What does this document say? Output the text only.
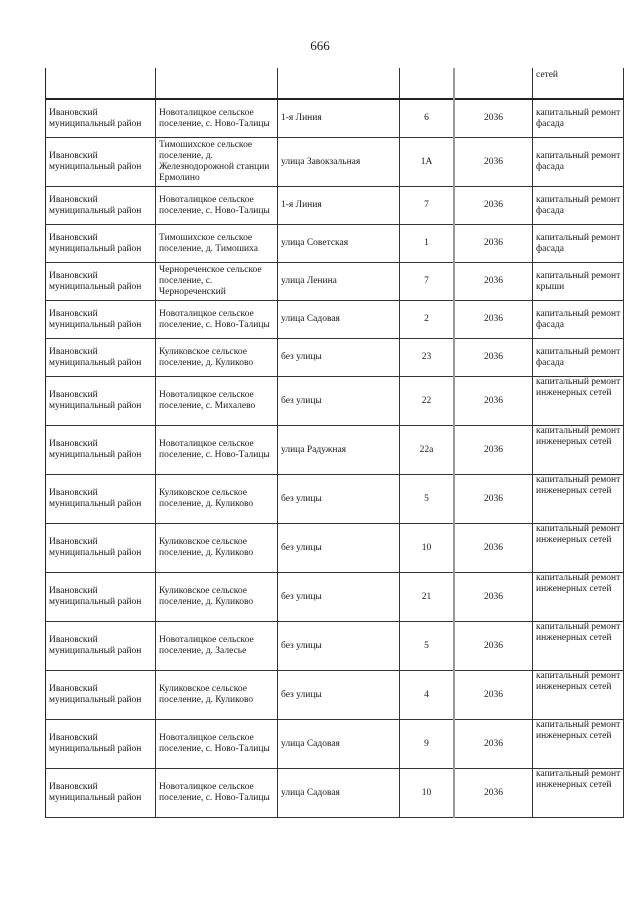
666
					сетей
Ивановский муниципальный район	Новоталицкое сельское поселение, с. Ново-Талицы	1-я Линия	6	2036	капитальный ремонт фасада
Ивановский муниципальный район	Тимошихское сельское поселение, д. Железнодорожной станции Ермолино	улица Завокзальная	1А	2036	капитальный ремонт фасада
Ивановский муниципальный район	Новоталицкое сельское поселение, с. Ново-Талицы	1-я Линия	7	2036	капитальный ремонт фасада
Ивановский муниципальный район	Тимошихское сельское поселение, д. Тимошиха	улица Советская	1	2036	капитальный ремонт фасада
Ивановский муниципальный район	Чернореченское сельское поселение, с. Чернореченский	улица Ленина	7	2036	капитальный ремонт крыши
Ивановский муниципальный район	Новоталицкое сельское поселение, с. Ново-Талицы	улица Садовая	2	2036	капитальный ремонт фасада
Ивановский муниципальный район	Куликовское сельское поселение, д. Куликово	без улицы	23	2036	капитальный ремонт фасада
Ивановский муниципальный район	Новоталицкое сельское поселение, с. Михалево	без улицы	22	2036	капитальный ремонт инженерных сетей
Ивановский муниципальный район	Новоталицкое сельское поселение, с. Ново-Талицы	улица Радужная	22а	2036	капитальный ремонт инженерных сетей
Ивановский муниципальный район	Куликовское сельское поселение, д. Куликово	без улицы	5	2036	капитальный ремонт инженерных сетей
Ивановский муниципальный район	Куликовское сельское поселение, д. Куликово	без улицы	10	2036	капитальный ремонт инженерных сетей
Ивановский муниципальный район	Куликовское сельское поселение, д. Куликово	без улицы	21	2036	капитальный ремонт инженерных сетей
Ивановский муниципальный район	Новоталицкое сельское поселение, д. Залесье	без улицы	5	2036	капитальный ремонт инженерных сетей
Ивановский муниципальный район	Куликовское сельское поселение, д. Куликово	без улицы	4	2036	капитальный ремонт инженерных сетей
Ивановский муниципальный район	Новоталицкое сельское поселение, с. Ново-Талицы	улица Садовая	9	2036	капитальный ремонт инженерных сетей
Ивановский муниципальный район	Новоталицкое сельское поселение, с. Ново-Талицы	улица Садовая	10	2036	капитальный ремонт инженерных сетей
